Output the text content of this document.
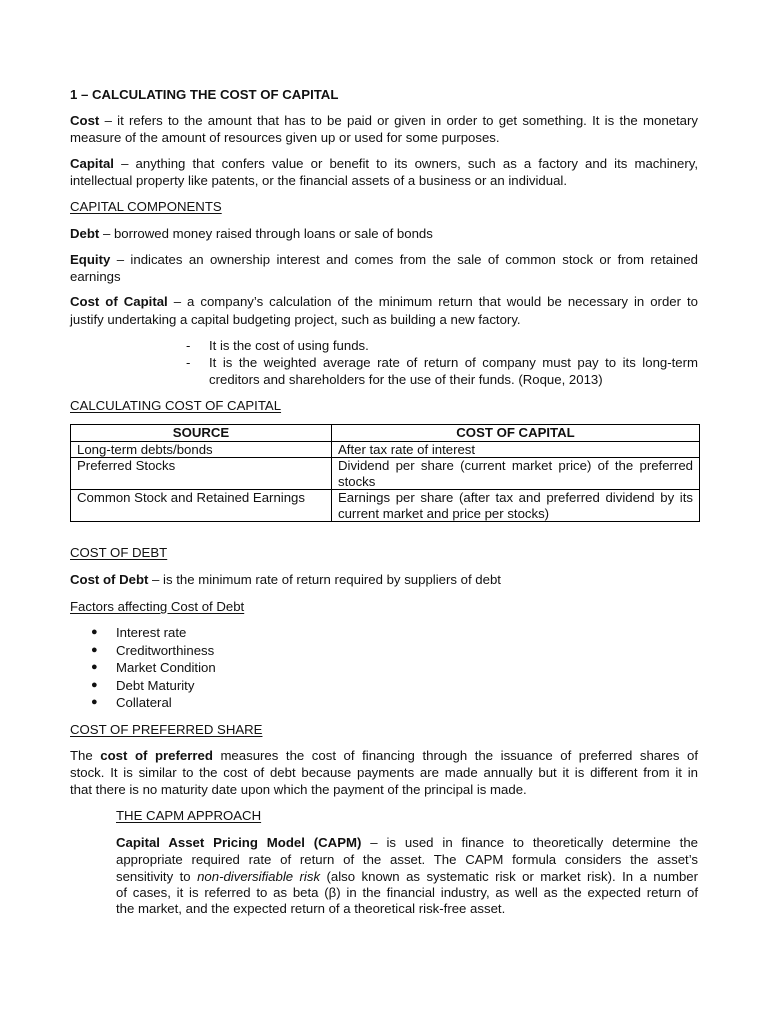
1 – CALCULATING THE COST OF CAPITAL
Cost – it refers to the amount that has to be paid or given in order to get something. It is the monetary
measure of the amount of resources given up or used for some purposes.
Capital – anything that confers value or benefit to its owners, such as a factory and its machinery,
intellectual property like patents, or the financial assets of a business or an individual.
CAPITAL COMPONENTS
Debt – borrowed money raised through loans or sale of bonds
Equity – indicates an ownership interest and comes from the sale of common stock or from retained
earnings
Cost of Capital – a company’s calculation of the minimum return that would be necessary in order to
justify undertaking a capital budgeting project, such as building a new factory.
- It is the cost of using funds.
- It is the weighted average rate of return of company must pay to its long-term
creditors and shareholders for the use of their funds. (Roque, 2013)
CALCULATING COST OF CAPITAL
SOURCE	COST OF CAPITAL
Long-term debts/bonds	After tax rate of interest
Preferred Stocks	Dividend per share (current market price) of the preferred stocks
Common Stock and Retained Earnings	Earnings per share (after tax and preferred dividend by its current market and price per stocks)
COST OF DEBT
Cost of Debt – is the minimum rate of return required by suppliers of debt
Factors affecting Cost of Debt
● Interest rate
● Creditworthiness
● Market Condition
● Debt Maturity
● Collateral
COST OF PREFERRED SHARE
The cost of preferred measures the cost of financing through the issuance of preferred shares of
stock. It is similar to the cost of debt because payments are made annually but it is different from it in
that there is no maturity date upon which the payment of the principal is made.
THE CAPM APPROACH
Capital Asset Pricing Model (CAPM) – is used in finance to theoretically determine the
appropriate required rate of return of the asset. The CAPM formula considers the asset’s
sensitivity to non-diversifiable risk (also known as systematic risk or market risk). In a number
of cases, it is referred to as beta (β) in the financial industry, as well as the expected return of
the market, and the expected return of a theoretical risk-free asset.
